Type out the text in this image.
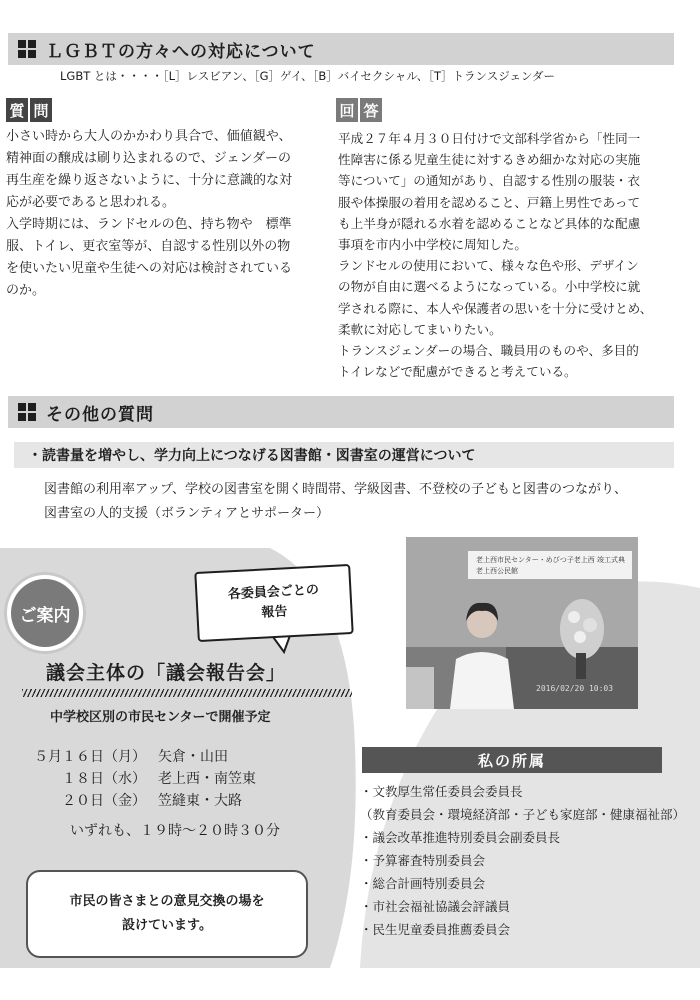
ＬＧＢＴの方々への対応について
LGBT とは・・・・［L］レスビアン、［G］ゲイ、［B］バイセクシャル、［T］トランスジェンダー
質 問
小さい時から大人のかかわり具合で、価値観や、
精神面の醸成は刷り込まれるので、ジェンダーの
再生産を繰り返さないように、十分に意識的な対
応が必要であると思われる。
入学時期には、ランドセルの色、持ち物や　標準
服、トイレ、更衣室等が、自認する性別以外の物
を使いたい児童や生徒への対応は検討されている
のか。
回 答
平成２７年４月３０日付けで文部科学省から「性同一
性障害に係る児童生徒に対するきめ細かな対応の実施
等について」の通知があり、自認する性別の服装・衣
服や体操服の着用を認めること、戸籍上男性であって
も上半身が隠れる水着を認めることなど具体的な配慮
事項を市内小中学校に周知した。
ランドセルの使用において、様々な色や形、デザイン
の物が自由に選べるようになっている。小中学校に就
学される際に、本人や保護者の思いを十分に受けとめ、
柔軟に対応してまいりたい。
トランスジェンダーの場合、職員用のものや、多目的
トイレなどで配慮ができると考えている。
その他の質問
・読書量を増やし、学力向上につなげる図書館・図書室の運営について
図書館の利用率アップ、学校の図書室を開く時間帯、学級図書、不登校の子どもと図書のつながり、
図書室の人的支援（ボランティアとサポーター）
ご案内
各委員会ごとの
報告
議会主体の「議会報告会」
中学校区別の市民センターで開催予定
５月１６日（月） 矢倉・山田
１８日（水） 老上西・南笠東
２０日（金） 笠縫東・大路
いずれも、１９時～２０時３０分
市民の皆さまとの意見交換の場を
設けています。
老上西市民センター・めびつ子老上西 竣工式典
老上西公民館
2016/02/20 10:03
私の所属
・文教厚生常任委員会委員長
（教育委員会・環境経済部・子ども家庭部・健康福祉部）
・議会改革推進特別委員会副委員長
・予算審査特別委員会
・総合計画特別委員会
・市社会福祉協議会評議員
・民生児童委員推薦委員会
